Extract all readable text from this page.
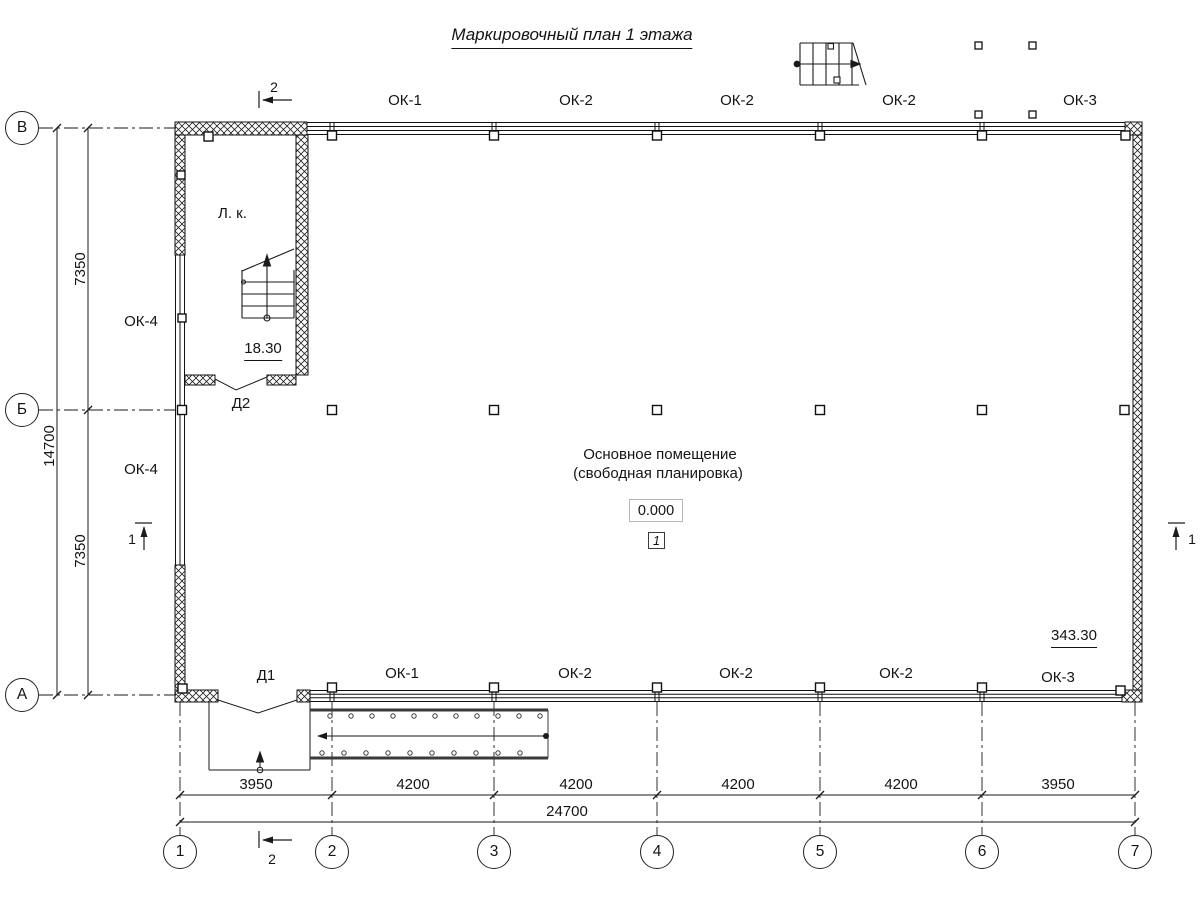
Маркировочный план 1 этажа
В
Б
А
1	2	3	4	5	6	7
7350
7350
14700
3950	4200	4200	4200	4200	3950
24700
ОК-1	ОК-2	ОК-2	ОК-2	ОК-3
ОК-1	ОК-2	ОК-2	ОК-2	ОК-3
ОК-4
ОК-4
Д2
Д1
Л. к.
18.30
Основное помещение
(свободная планировка)
0.000
1
343.30
2
2
1	1
